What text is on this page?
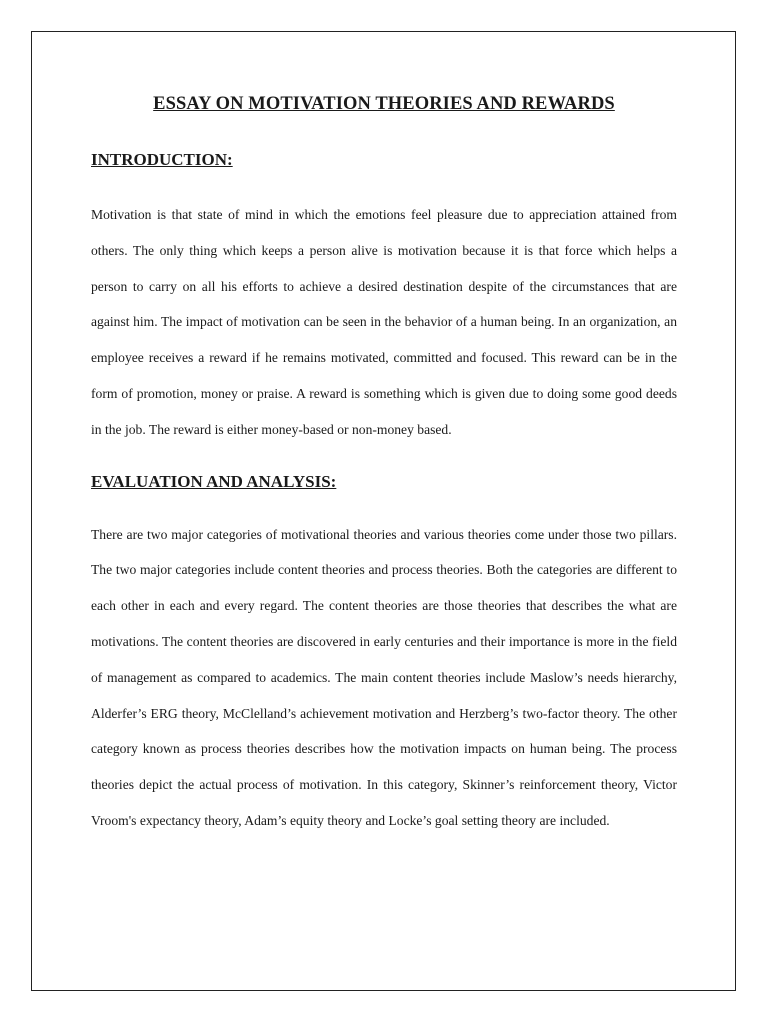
ESSAY ON MOTIVATION THEORIES AND REWARDS
INTRODUCTION:

Motivation is that state of mind in which the emotions feel pleasure due to appreciation attained from others. The only thing which keeps a person alive is motivation because it is that force which helps a person to carry on all his efforts to achieve a desired destination despite of the circumstances that are against him. The impact of motivation can be seen in the behavior of a human being. In an organization, an employee receives a reward if he remains motivated, committed and focused. This reward can be in the form of promotion, money or praise. A reward is something which is given due to doing some good deeds in the job. The reward is either money-based or non-money based.

EVALUATION AND ANALYSIS:

There are two major categories of motivational theories and various theories come under those two pillars. The two major categories include content theories and process theories. Both the categories are different to each other in each and every regard. The content theories are those theories that describes the what are motivations. The content theories are discovered in early centuries and their importance is more in the field of management as compared to academics. The main content theories include Maslow’s needs hierarchy, Alderfer’s ERG theory, McClelland’s achievement motivation and Herzberg’s two-factor theory. The other category known as process theories describes how the motivation impacts on human being. The process theories depict the actual process of motivation. In this category, Skinner’s reinforcement theory, Victor Vroom's expectancy theory, Adam’s equity theory and Locke’s goal setting theory are included.
